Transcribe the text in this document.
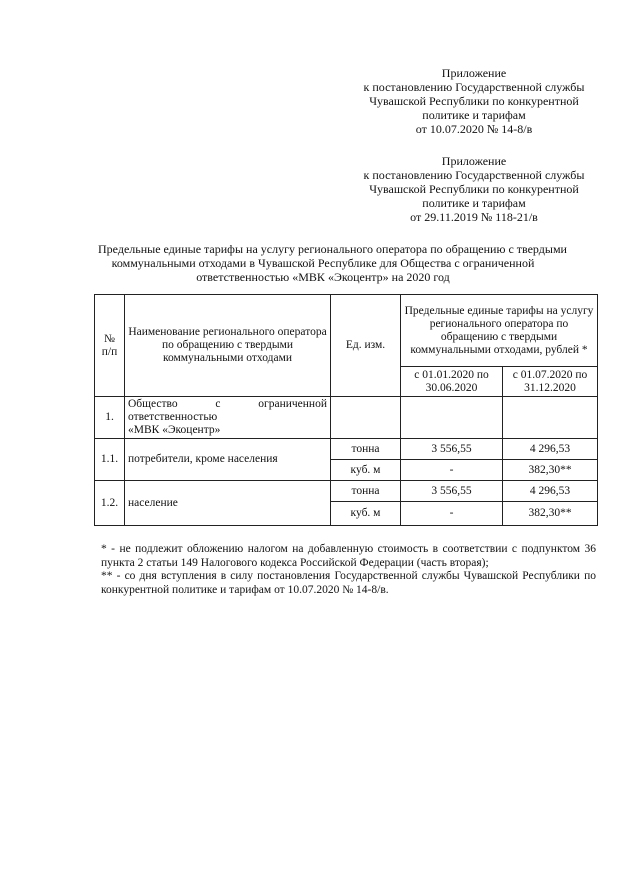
Приложение
к постановлению Государственной службы
Чувашской Республики по конкурентной
политике и тарифам
от 10.07.2020 № 14-8/в
Приложение
к постановлению Государственной службы
Чувашской Республики по конкурентной
политике и тарифам
от 29.11.2019 № 118-21/в
Предельные единые тарифы на услугу регионального оператора по обращению с твердыми
коммунальными отходами в Чувашской Республике для Общества с ограниченной
ответственностью «МВК «Экоцентр» на 2020 год
№ п/п	Наименование регионального оператора по обращению с твердыми коммунальными отходами	Ед. изм.	Предельные единые тарифы на услугу регионального оператора по обращению с твердыми коммунальными отходами, рублей *	
			с 01.01.2020 по 30.06.2020	с 01.07.2020 по 31.12.2020
1.	Общество с ограниченной
ответственностью
«МВК «Экоцентр»			

1.1.	потребители, кроме населения	тонна	3 556,55	4 296,53
		куб. м	-	382,30**
1.2.	население	тонна	3 556,55	4 296,53
		куб. м	-	382,30**

* - не подлежит обложению налогом на добавленную стоимость в соответствии с подпунктом 36 пункта 2 статьи 149 Налогового кодекса Российской Федерации (часть вторая);

** - со дня вступления в силу постановления Государственной службы Чувашской Республики по конкурентной политике и тарифам от 10.07.2020 № 14-8/в.
